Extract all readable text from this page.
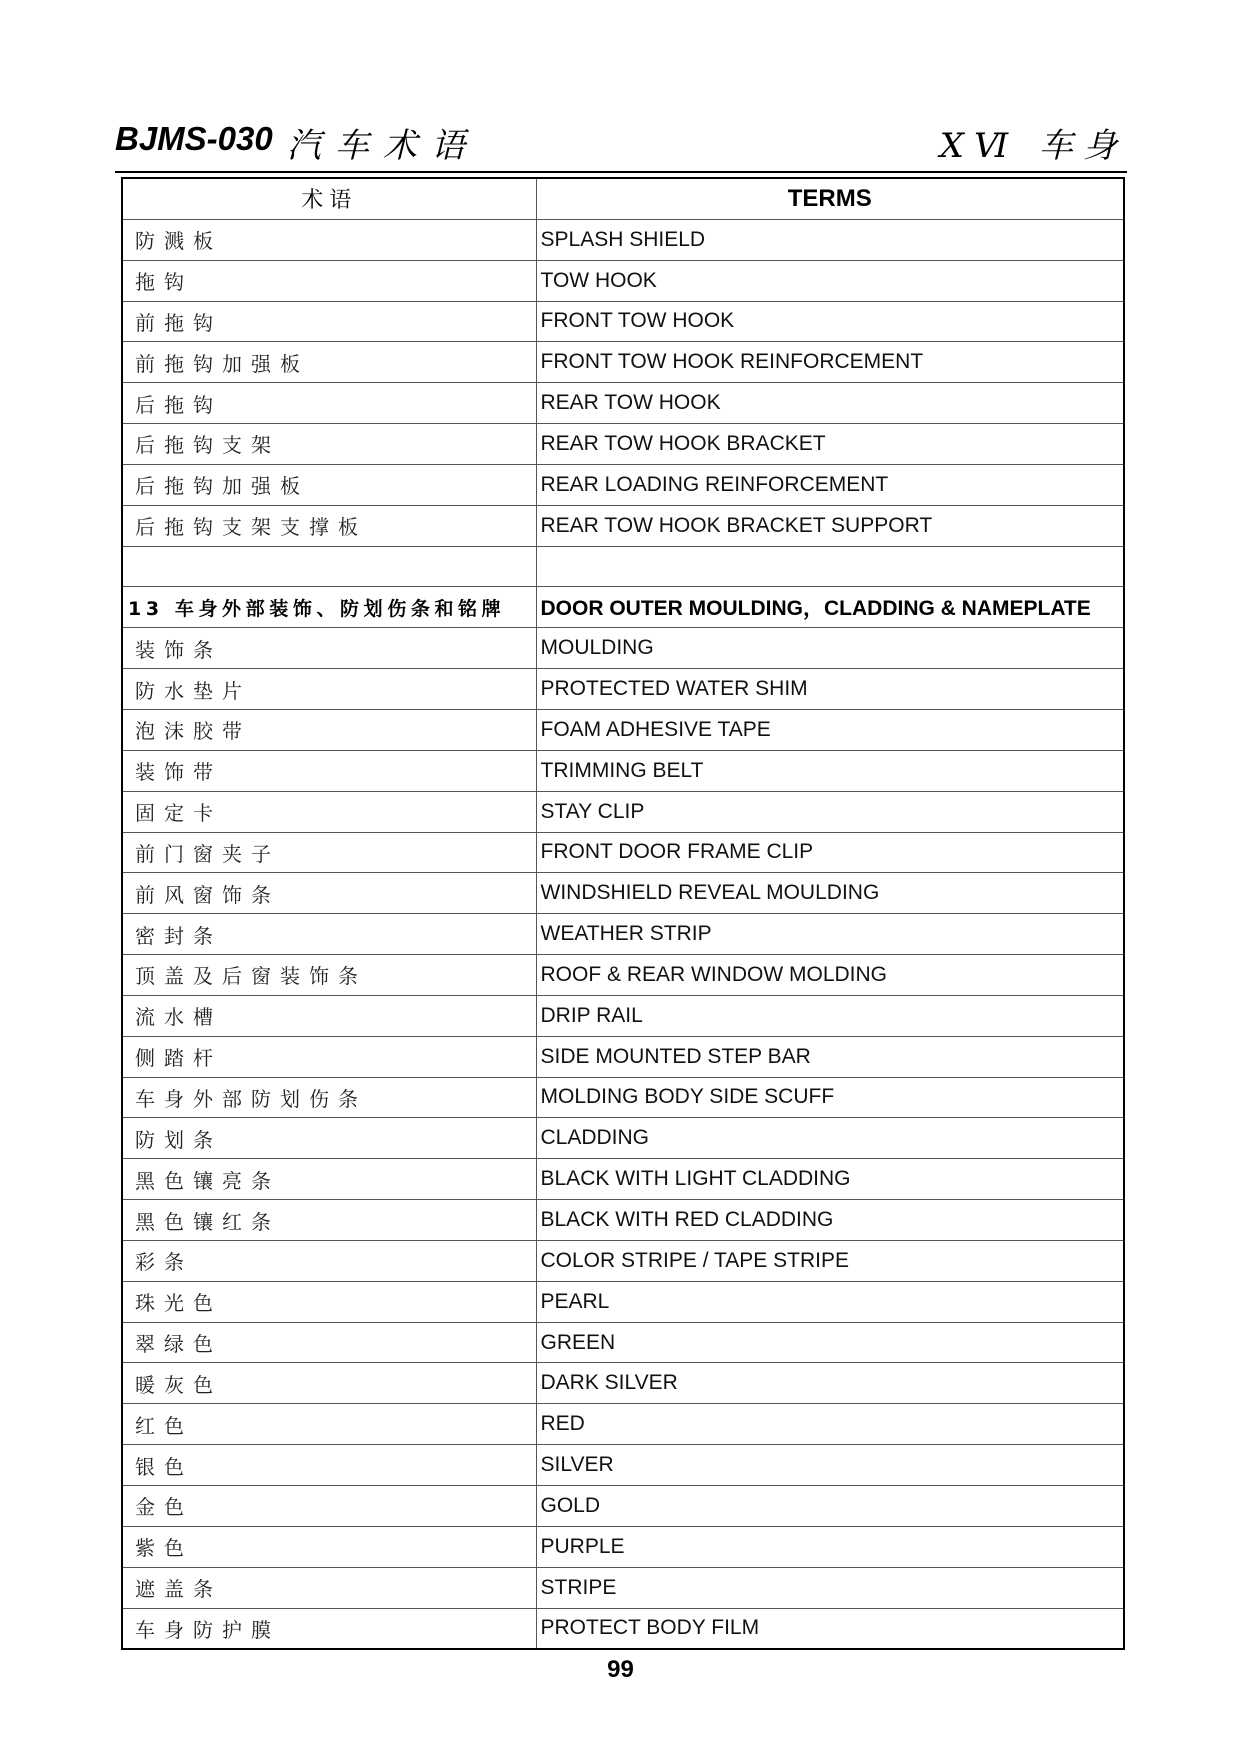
BJMS-030 汽车术语	XⅥ 车身
术语	TERMS
防溅板	SPLASH SHIELD
拖钩	TOW HOOK
前拖钩	FRONT TOW HOOK
前拖钩加强板	FRONT TOW HOOK REINFORCEMENT
后拖钩	REAR TOW HOOK
后拖钩支架	REAR TOW HOOK BRACKET
后拖钩加强板	REAR LOADING REINFORCEMENT
后拖钩支架支撑板	REAR TOW HOOK BRACKET SUPPORT

13 车身外部装饰、防划伤条和铭牌	DOOR OUTER MOULDING，CLADDING & NAMEPLATE
装饰条	MOULDING
防水垫片	PROTECTED WATER SHIM
泡沫胶带	FOAM ADHESIVE TAPE
装饰带	TRIMMING BELT
固定卡	STAY CLIP
前门窗夹子	FRONT DOOR FRAME CLIP
前风窗饰条	WINDSHIELD REVEAL MOULDING
密封条	WEATHER STRIP
顶盖及后窗装饰条	ROOF & REAR WINDOW MOLDING
流水槽	DRIP RAIL
侧踏杆	SIDE MOUNTED STEP BAR
车身外部防划伤条	MOLDING BODY SIDE SCUFF
防划条	CLADDING
黑色镶亮条	BLACK WITH LIGHT CLADDING
黑色镶红条	BLACK WITH RED CLADDING
彩条	COLOR STRIPE / TAPE STRIPE
珠光色	PEARL
翠绿色	GREEN
暖灰色	DARK SILVER
红色	RED
银色	SILVER
金色	GOLD
紫色	PURPLE
遮盖条	STRIPE
车身防护膜	PROTECT BODY FILM
99
